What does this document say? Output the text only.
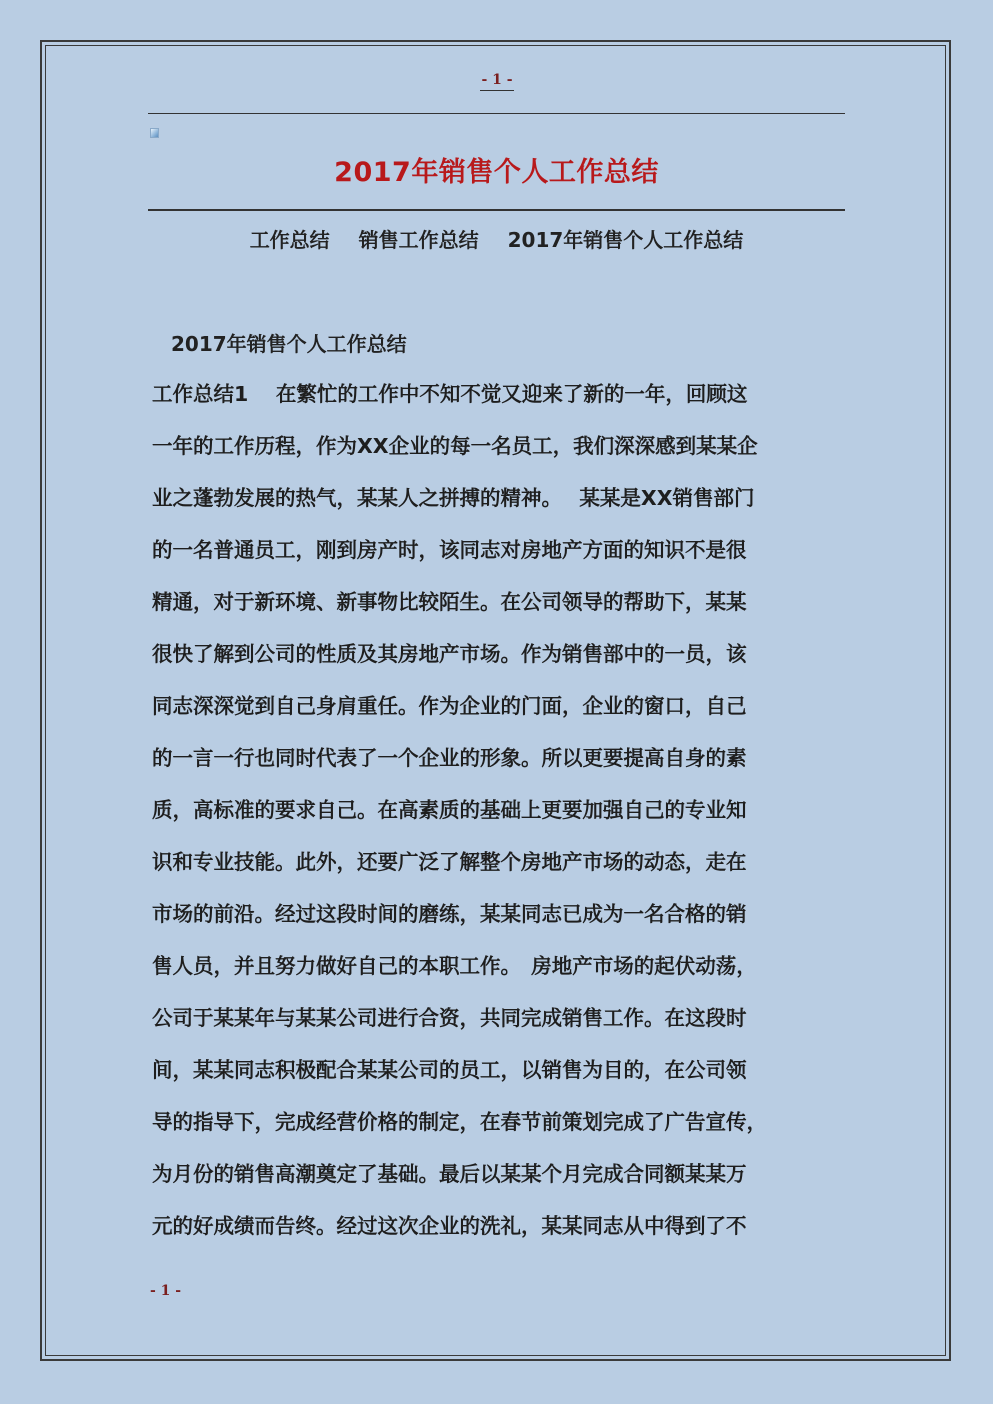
- 1 -
2017年销售个人工作总结
工作总结 销售工作总结 2017年销售个人工作总结
2017年销售个人工作总结
工作总结1　 在繁忙的工作中不知不觉又迎来了新的一年，回顾这
一年的工作历程，作为XX企业的每一名员工，我们深深感到某某企
业之蓬勃发展的热气，某某人之拼搏的精神。　 某某是XX销售部门
的一名普通员工，刚到房产时，该同志对房地产方面的知识不是很
精通，对于新环境、新事物比较陌生。在公司领导的帮助下，某某
很快了解到公司的性质及其房地产市场。作为销售部中的一员，该
同志深深觉到自己身肩重任。作为企业的门面，企业的窗口，自己
的一言一行也同时代表了一个企业的形象。所以更要提高自身的素
质，高标准的要求自己。在高素质的基础上更要加强自己的专业知
识和专业技能。此外，还要广泛了解整个房地产市场的动态，走在
市场的前沿。经过这段时间的磨练，某某同志已成为一名合格的销
售人员，并且努力做好自己的本职工作。　房地产市场的起伏动荡，
公司于某某年与某某公司进行合资，共同完成销售工作。在这段时
间，某某同志积极配合某某公司的员工，以销售为目的，在公司领
导的指导下，完成经营价格的制定，在春节前策划完成了广告宣传，
为月份的销售高潮奠定了基础。最后以某某个月完成合同额某某万
元的好成绩而告终。经过这次企业的洗礼，某某同志从中得到了不
- 1 -
